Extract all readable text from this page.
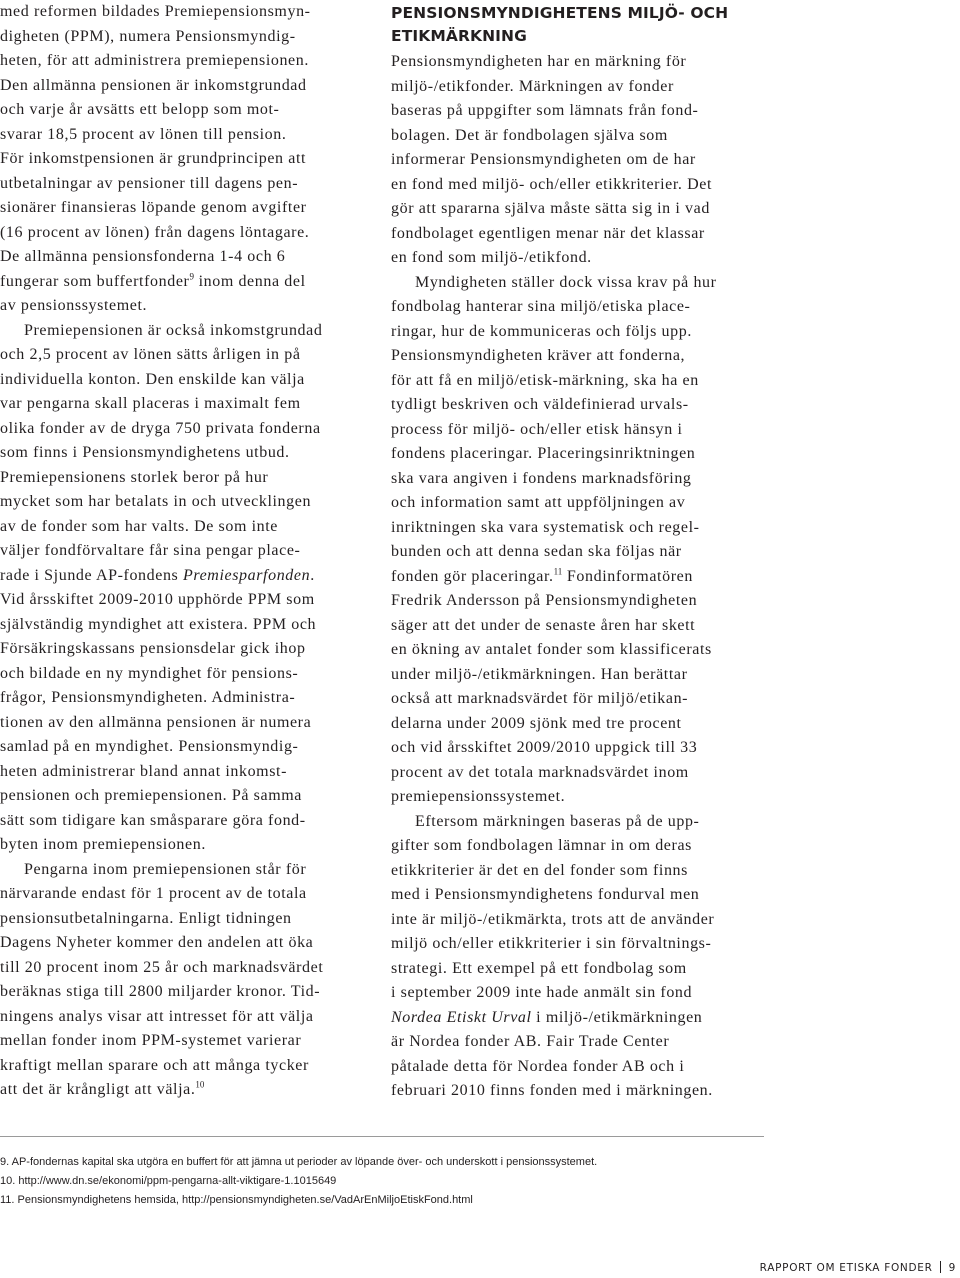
med reformen bildades Premiepensionsmyn-
digheten (PPM), numera Pensionsmyndig-
heten, för att administrera premiepensionen.
Den allmänna pensionen är inkomstgrundad
och varje år avsätts ett belopp som mot-
svarar 18,5 procent av lönen till pension.
För inkomstpensionen är grundprincipen att
utbetalningar av pensioner till dagens pen-
sionärer finansieras löpande genom avgifter
(16 procent av lönen) från dagens löntagare.
De allmänna pensionsfonderna 1-4 och 6
fungerar som buffertfonder$^9$ inom denna del
av pensionssystemet.
Premiepensionen är också inkomstgrundad
och 2,5 procent av lönen sätts årligen in på
individuella konton. Den enskilde kan välja
var pengarna skall placeras i maximalt fem
olika fonder av de dryga 750 privata fonderna
som finns i Pensionsmyndighetens utbud.
Premiepensionens storlek beror på hur
mycket som har betalats in och utvecklingen
av de fonder som har valts. De som inte
väljer fondförvaltare får sina pengar place-
rade i Sjunde AP-fondens Premiesparfonden.
Vid årsskiftet 2009-2010 upphörde PPM som
självständig myndighet att existera. PPM och
Försäkringskassans pensionsdelar gick ihop
och bildade en ny myndighet för pensions-
frågor, Pensionsmyndigheten. Administra-
tionen av den allmänna pensionen är numera
samlad på en myndighet. Pensionsmyndig-
heten administrerar bland annat inkomst-
pensionen och premiepensionen. På samma
sätt som tidigare kan småsparare göra fond-
byten inom premiepensionen.
Pengarna inom premiepensionen står för
närvarande endast för 1 procent av de totala
pensionsutbetalningarna. Enligt tidningen
Dagens Nyheter kommer den andelen att öka
till 20 procent inom 25 år och marknadsvärdet
beräknas stiga till 2800 miljarder kronor. Tid-
ningens analys visar att intresset för att välja
mellan fonder inom PPM-systemet varierar
kraftigt mellan sparare och att många tycker
att det är krångligt att välja.$^{10}$
PENSIONSMYNDIGHETENS MILJÖ- OCH
ETIKMÄRKNING
Pensionsmyndigheten har en märkning för
miljö-/etikfonder. Märkningen av fonder
baseras på uppgifter som lämnats från fond-
bolagen. Det är fondbolagen själva som
informerar Pensionsmyndigheten om de har
en fond med miljö- och/eller etikkriterier. Det
gör att spararna själva måste sätta sig in i vad
fondbolaget egentligen menar när det klassar
en fond som miljö-/etikfond.
Myndigheten ställer dock vissa krav på hur
fondbolag hanterar sina miljö/etiska place-
ringar, hur de kommuniceras och följs upp.
Pensionsmyndigheten kräver att fonderna,
för att få en miljö/etisk-märkning, ska ha en
tydligt beskriven och väldefinierad urvals-
process för miljö- och/eller etisk hänsyn i
fondens placeringar. Placeringsinriktningen
ska vara angiven i fondens marknadsföring
och information samt att uppföljningen av
inriktningen ska vara systematisk och regel-
bunden och att denna sedan ska följas när
fonden gör placeringar.$^{11}$ Fondinformatören
Fredrik Andersson på Pensionsmyndigheten
säger att det under de senaste åren har skett
en ökning av antalet fonder som klassificerats
under miljö-/etikmärkningen. Han berättar
också att marknadsvärdet för miljö/etikan-
delarna under 2009 sjönk med tre procent
och vid årsskiftet 2009/2010 uppgick till 33
procent av det totala marknadsvärdet inom
premiepensionssystemet.
Eftersom märkningen baseras på de upp-
gifter som fondbolagen lämnar in om deras
etikkriterier är det en del fonder som finns
med i Pensionsmyndighetens fondurval men
inte är miljö-/etikmärkta, trots att de använder
miljö och/eller etikkriterier i sin förvaltnings-
strategi. Ett exempel på ett fondbolag som
i september 2009 inte hade anmält sin fond
Nordea Etiskt Urval i miljö-/etikmärkningen
är Nordea fonder AB. Fair Trade Center
påtalade detta för Nordea fonder AB och i
februari 2010 finns fonden med i märkningen.
9. AP-fondernas kapital ska utgöra en buffert för att jämna ut perioder av löpande över- och underskott i pensionssystemet.
10. http://www.dn.se/ekonomi/ppm-pengarna-allt-viktigare-1.1015649
11. Pensionsmyndighetens hemsida, http://pensionsmyndigheten.se/VadArEnMiljoEtiskFond.html
RAPPORT OM ETISKA FONDER 9
